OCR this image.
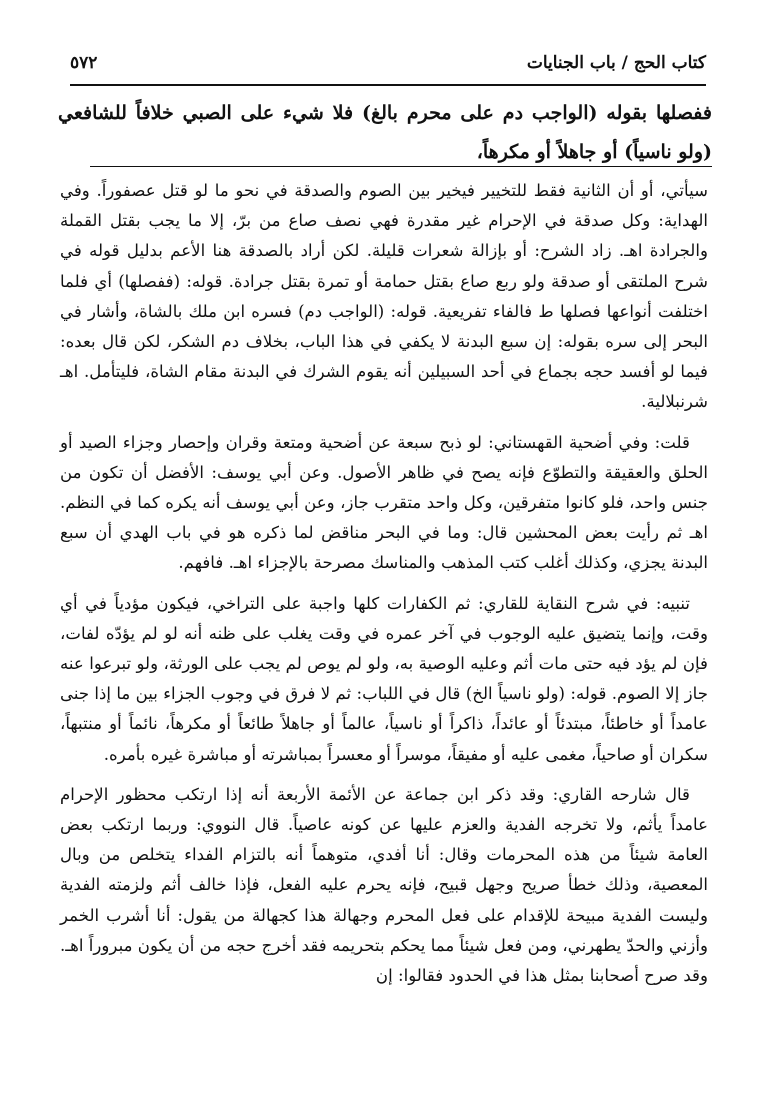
كتاب الحج / باب الجنايات
٥٧٢
ففصلها بقوله (الواجب دم على محرم بالغ) فلا شيء على الصبي خلافاً للشافعي (ولو ناسياً) أو جاهلاً أو مكرهاً،

سيأتي، أو أن الثانية فقط للتخيير فيخير بين الصوم والصدقة في نحو ما لو قتل عصفوراً. وفي الهداية: وكل صدقة في الإحرام غير مقدرة فهي نصف صاع من برّ، إلا ما يجب بقتل القملة والجرادة اهـ. زاد الشرح: أو بإزالة شعرات قليلة. لكن أراد بالصدقة هنا الأعم بدليل قوله في شرح الملتقى أو صدقة ولو ربع صاع بقتل حمامة أو تمرة بقتل جرادة. قوله: (ففصلها) أي فلما اختلفت أنواعها فصلها ط فالفاء تفريعية. قوله: (الواجب دم) فسره ابن ملك بالشاة، وأشار في البحر إلى سره بقوله: إن سبع البدنة لا يكفي في هذا الباب، بخلاف دم الشكر، لكن قال بعده: فيما لو أفسد حجه بجماع في أحد السبيلين أنه يقوم الشرك في البدنة مقام الشاة، فليتأمل. اهـ شرنبلالية.

قلت: وفي أضحية القهستاني: لو ذبح سبعة عن أضحية ومتعة وقران وإحصار وجزاء الصيد أو الحلق والعقيقة والتطوّع فإنه يصح في ظاهر الأصول. وعن أبي يوسف: الأفضل أن تكون من جنس واحد، فلو كانوا متفرقين، وكل واحد متقرب جاز، وعن أبي يوسف أنه يكره كما في النظم. اهـ ثم رأيت بعض المحشين قال: وما في البحر مناقض لما ذكره هو في باب الهدي أن سبع البدنة يجزي، وكذلك أغلب كتب المذهب والمناسك مصرحة بالإجزاء اهـ. فافهم.

تنبيه: في شرح النقاية للقاري: ثم الكفارات كلها واجبة على التراخي، فيكون مؤدياً في أي وقت، وإنما يتضيق عليه الوجوب في آخر عمره في وقت يغلب على ظنه أنه لو لم يؤدّه لفات، فإن لم يؤد فيه حتى مات أثم وعليه الوصية به، ولو لم يوص لم يجب على الورثة، ولو تبرعوا عنه جاز إلا الصوم. قوله: (ولو ناسياً الخ) قال في اللباب: ثم لا فرق في وجوب الجزاء بين ما إذا جنى عامداً أو خاطئاً، مبتدئاً أو عائداً، ذاكراً أو ناسياً، عالماً أو جاهلاً طائعاً أو مكرهاً، نائماً أو منتبهاً، سكران أو صاحياً، مغمى عليه أو مفيقاً، موسراً أو معسراً بمباشرته أو مباشرة غيره بأمره.

قال شارحه القاري: وقد ذكر ابن جماعة عن الأئمة الأربعة أنه إذا ارتكب محظور الإحرام عامداً يأثم، ولا تخرجه الفدية والعزم عليها عن كونه عاصياً. قال النووي: وربما ارتكب بعض العامة شيئاً من هذه المحرمات وقال: أنا أفدي، متوهماً أنه بالتزام الفداء يتخلص من وبال المعصية، وذلك خطأ صريح وجهل قبيح، فإنه يحرم عليه الفعل، فإذا خالف أثم ولزمته الفدية وليست الفدية مبيحة للإقدام على فعل المحرم وجهالة هذا كجهالة من يقول: أنا أشرب الخمر وأزني والحدّ يطهرني، ومن فعل شيئاً مما يحكم بتحريمه فقد أخرج حجه من أن يكون مبروراً اهـ. وقد صرح أصحابنا بمثل هذا في الحدود فقالوا: إن
